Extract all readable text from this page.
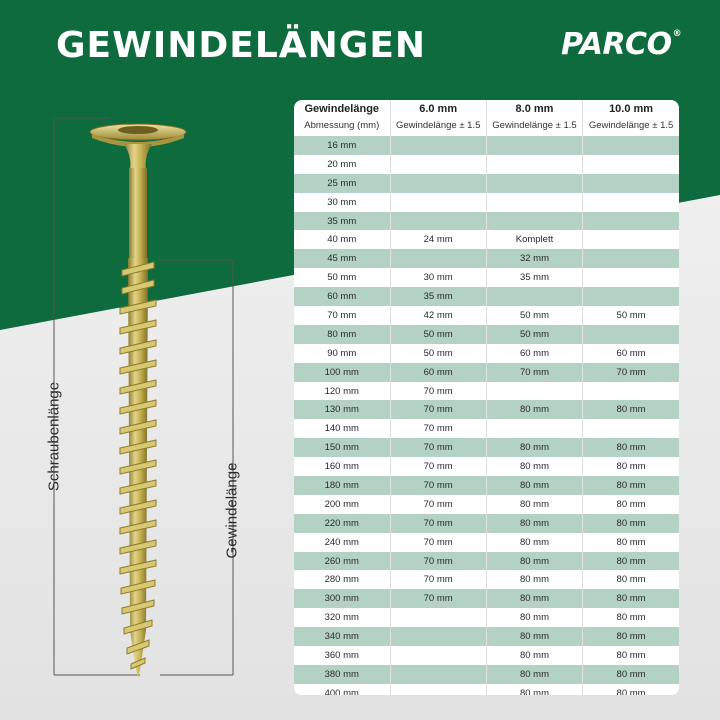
GEWINDELÄNGEN	PARCO®
Schraubenlänge
Gewindelänge
Gewindelänge	6.0 mm	8.0 mm	10.0 mm
Abmessung (mm)	Gewindelänge ± 1.5	Gewindelänge ± 1.5	Gewindelänge ± 1.5
16 mm			
20 mm			
25 mm			
30 mm			
35 mm			
40 mm	24 mm	Komplett	
45 mm		32 mm	
50 mm	30 mm	35 mm	
60 mm	35 mm		
70 mm	42 mm	50 mm	50 mm
80 mm	50 mm	50 mm	
90 mm	50 mm	60 mm	60 mm
100 mm	60 mm	70 mm	70 mm
120 mm	70 mm		
130 mm	70 mm	80 mm	80 mm
140 mm	70 mm		
150 mm	70 mm	80 mm	80 mm
160 mm	70 mm	80 mm	80 mm
180 mm	70 mm	80 mm	80 mm
200 mm	70 mm	80 mm	80 mm
220 mm	70 mm	80 mm	80 mm
240 mm	70 mm	80 mm	80 mm
260 mm	70 mm	80 mm	80 mm
280 mm	70 mm	80 mm	80 mm
300 mm	70 mm	80 mm	80 mm
320 mm		80 mm	80 mm
340 mm		80 mm	80 mm
360 mm		80 mm	80 mm
380 mm		80 mm	80 mm
400 mm		80 mm	80 mm
